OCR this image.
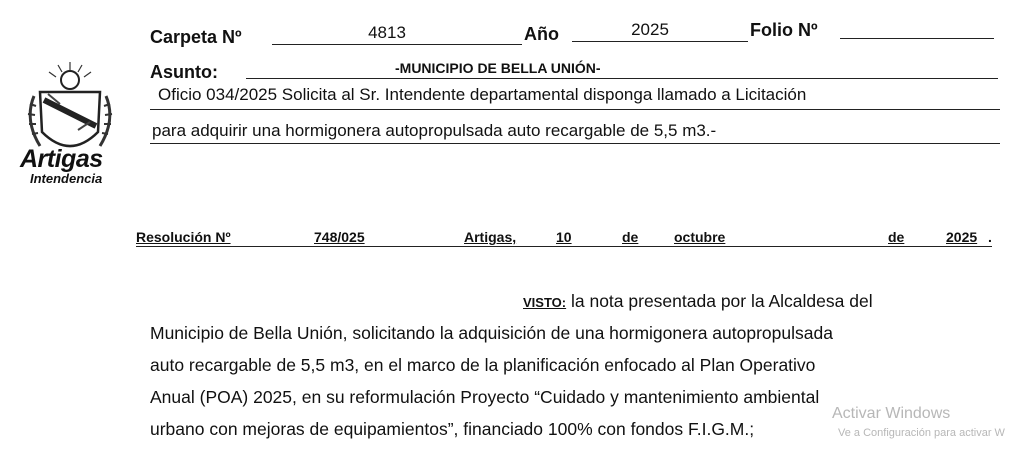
Artigas
Intendencia
Carpeta Nº	4813	Año	2025	Folio Nº
Asunto:	-MUNICIPIO DE BELLA UNIÓN-
Oficio 034/2025 Solicita al Sr. Intendente departamental disponga llamado a Licitación
para adquirir una hormigonera autopropulsada auto recargable de 5,5 m3.-
Resolución Nº	748/025	Artigas,	10	de	octubre	de	2025 .
VISTO: la nota presentada por la Alcaldesa del
Municipio de Bella Unión, solicitando la adquisición de una hormigonera autopropulsada
auto recargable de 5,5 m3, en el marco de la planificación enfocado al Plan Operativo
Anual (POA) 2025, en su reformulación Proyecto “Cuidado y mantenimiento ambiental
urbano con mejoras de equipamientos”, financiado 100% con fondos F.I.G.M.;
Activar Windows
Ve a Configuración para activar W
